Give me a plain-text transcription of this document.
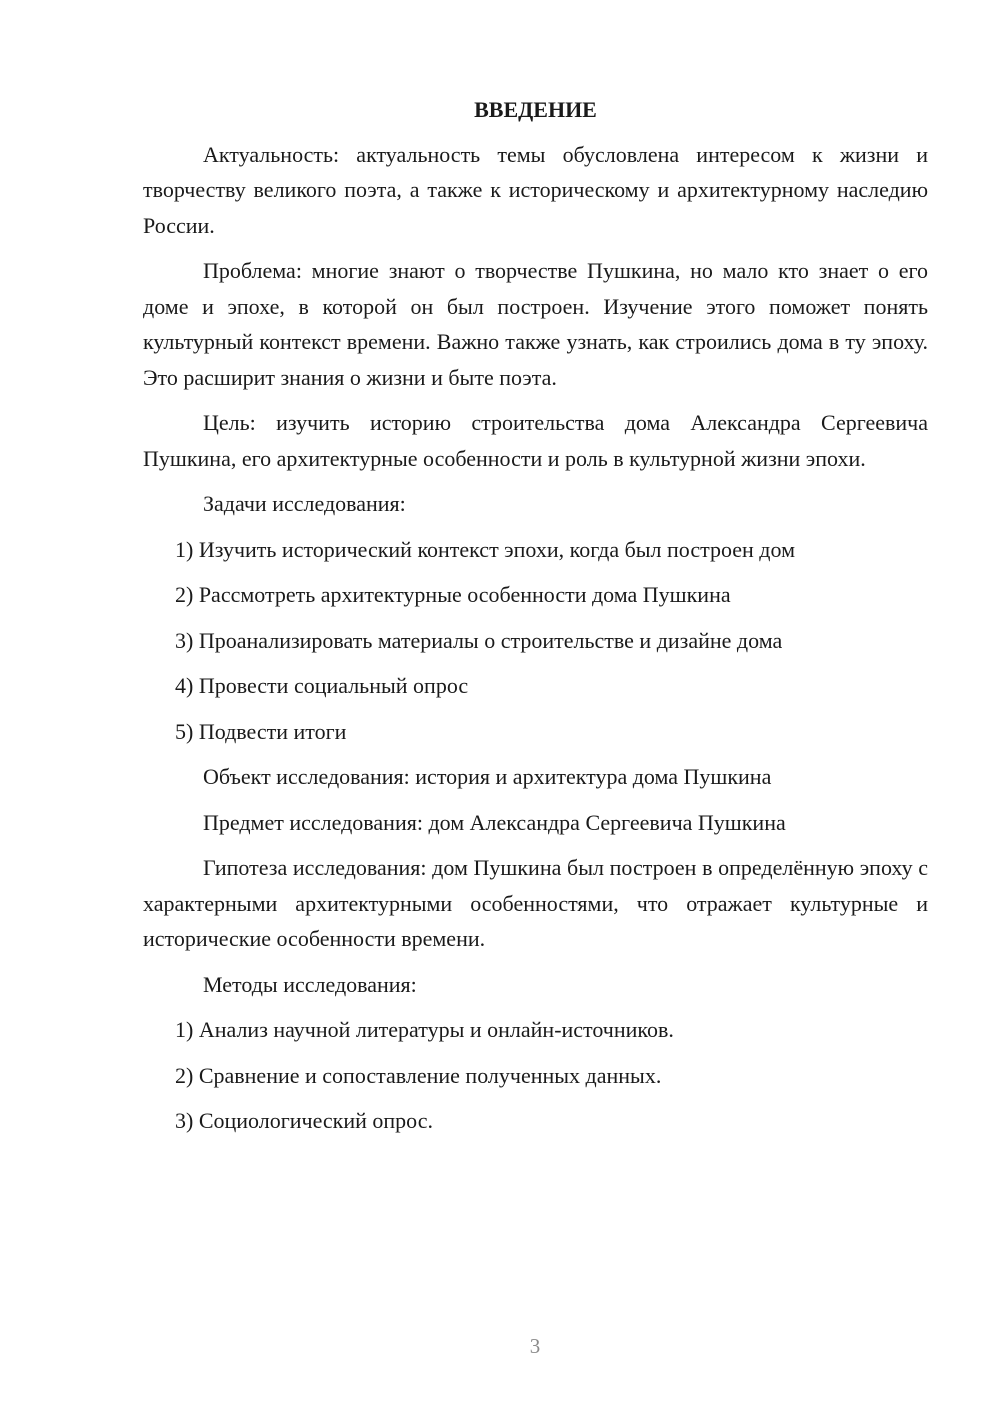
ВВЕДЕНИЕ

Актуальность: актуальность темы обусловлена интересом к жизни и творчеству великого поэта, а также к историческому и архитектурному наследию России.

Проблема: многие знают о творчестве Пушкина, но мало кто знает о его доме и эпохе, в которой он был построен. Изучение этого поможет понять культурный контекст времени. Важно также узнать, как строились дома в ту эпоху. Это расширит знания о жизни и быте поэта.

Цель: изучить историю строительства дома Александра Сергеевича Пушкина, его архитектурные особенности и роль в культурной жизни эпохи.

Задачи исследования:

1) Изучить исторический контекст эпохи, когда был построен дом

2) Рассмотреть архитектурные особенности дома Пушкина

3) Проанализировать материалы о строительстве и дизайне дома

4) Провести социальный опрос

5) Подвести итоги

Объект исследования: история и архитектура дома Пушкина

Предмет исследования: дом Александра Сергеевича Пушкина

Гипотеза исследования: дом Пушкина был построен в определённую эпоху с характерными архитектурными особенностями, что отражает культурные и исторические особенности времени.

Методы исследования:

1) Анализ научной литературы и онлайн-источников.

2) Сравнение и сопоставление полученных данных.

3) Социологический опрос.

3
